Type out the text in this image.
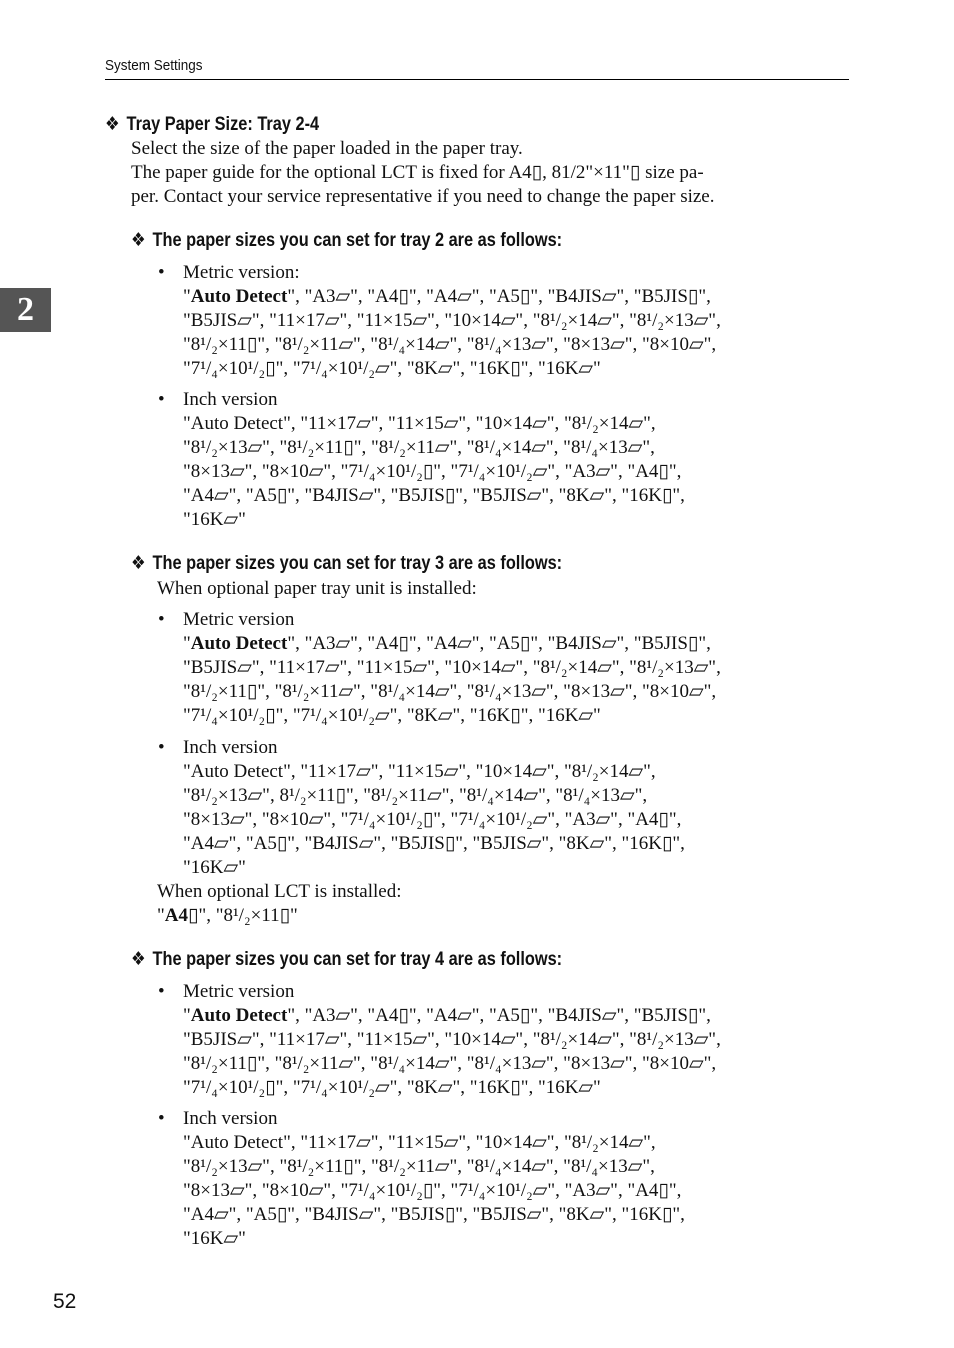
System Settings
2
❖ Tray Paper Size: Tray 2-4
Select the size of the paper loaded in the paper tray.
The paper guide for the optional LCT is fixed for A4▯, 81/2"×11"▯ size pa-
per. Contact your service representative if you need to change the paper size.
❖ The paper sizes you can set for tray 2 are as follows:
• Metric version:
"Auto Detect", "A3▱", "A4▯", "A4▱", "A5▯", "B4JIS▱", "B5JIS▯",
"B5JIS▱", "11×17▱", "11×15▱", "10×14▱", "8¹/₂×14▱", "8¹/₂×13▱",
"8¹/₂×11▯", "8¹/₂×11▱", "8¹/₄×14▱", "8¹/₄×13▱", "8×13▱", "8×10▱",
"7¹/₄×10¹/₂▯", "7¹/₄×10¹/₂▱", "8K▱", "16K▯", "16K▱"
• Inch version
"Auto Detect", "11×17▱", "11×15▱", "10×14▱", "8¹/₂×14▱",
"8¹/₂×13▱", "8¹/₂×11▯", "8¹/₂×11▱", "8¹/₄×14▱", "8¹/₄×13▱",
"8×13▱", "8×10▱", "7¹/₄×10¹/₂▯", "7¹/₄×10¹/₂▱", "A3▱", "A4▯",
"A4▱", "A5▯", "B4JIS▱", "B5JIS▯", "B5JIS▱", "8K▱", "16K▯",
"16K▱"
❖ The paper sizes you can set for tray 3 are as follows:
When optional paper tray unit is installed:
• Metric version
"Auto Detect", "A3▱", "A4▯", "A4▱", "A5▯", "B4JIS▱", "B5JIS▯",
"B5JIS▱", "11×17▱", "11×15▱", "10×14▱", "8¹/₂×14▱", "8¹/₂×13▱",
"8¹/₂×11▯", "8¹/₂×11▱", "8¹/₄×14▱", "8¹/₄×13▱", "8×13▱", "8×10▱",
"7¹/₄×10¹/₂▯", "7¹/₄×10¹/₂▱", "8K▱", "16K▯", "16K▱"
• Inch version
"Auto Detect", "11×17▱", "11×15▱", "10×14▱", "8¹/₂×14▱",
"8¹/₂×13▱", 8¹/₂×11▯", "8¹/₂×11▱", "8¹/₄×14▱", "8¹/₄×13▱",
"8×13▱", "8×10▱", "7¹/₄×10¹/₂▯", "7¹/₄×10¹/₂▱", "A3▱", "A4▯",
"A4▱", "A5▯", "B4JIS▱", "B5JIS▯", "B5JIS▱", "8K▱", "16K▯",
"16K▱"
When optional LCT is installed:
"A4▯", "8¹/₂×11▯"
❖ The paper sizes you can set for tray 4 are as follows:
• Metric version
"Auto Detect", "A3▱", "A4▯", "A4▱", "A5▯", "B4JIS▱", "B5JIS▯",
"B5JIS▱", "11×17▱", "11×15▱", "10×14▱", "8¹/₂×14▱", "8¹/₂×13▱",
"8¹/₂×11▯", "8¹/₂×11▱", "8¹/₄×14▱", "8¹/₄×13▱", "8×13▱", "8×10▱",
"7¹/₄×10¹/₂▯", "7¹/₄×10¹/₂▱", "8K▱", "16K▯", "16K▱"
• Inch version
"Auto Detect", "11×17▱", "11×15▱", "10×14▱", "8¹/₂×14▱",
"8¹/₂×13▱", "8¹/₂×11▯", "8¹/₂×11▱", "8¹/₄×14▱", "8¹/₄×13▱",
"8×13▱", "8×10▱", "7¹/₄×10¹/₂▯", "7¹/₄×10¹/₂▱", "A3▱", "A4▯",
"A4▱", "A5▯", "B4JIS▱", "B5JIS▯", "B5JIS▱", "8K▱", "16K▯",
"16K▱"
52
